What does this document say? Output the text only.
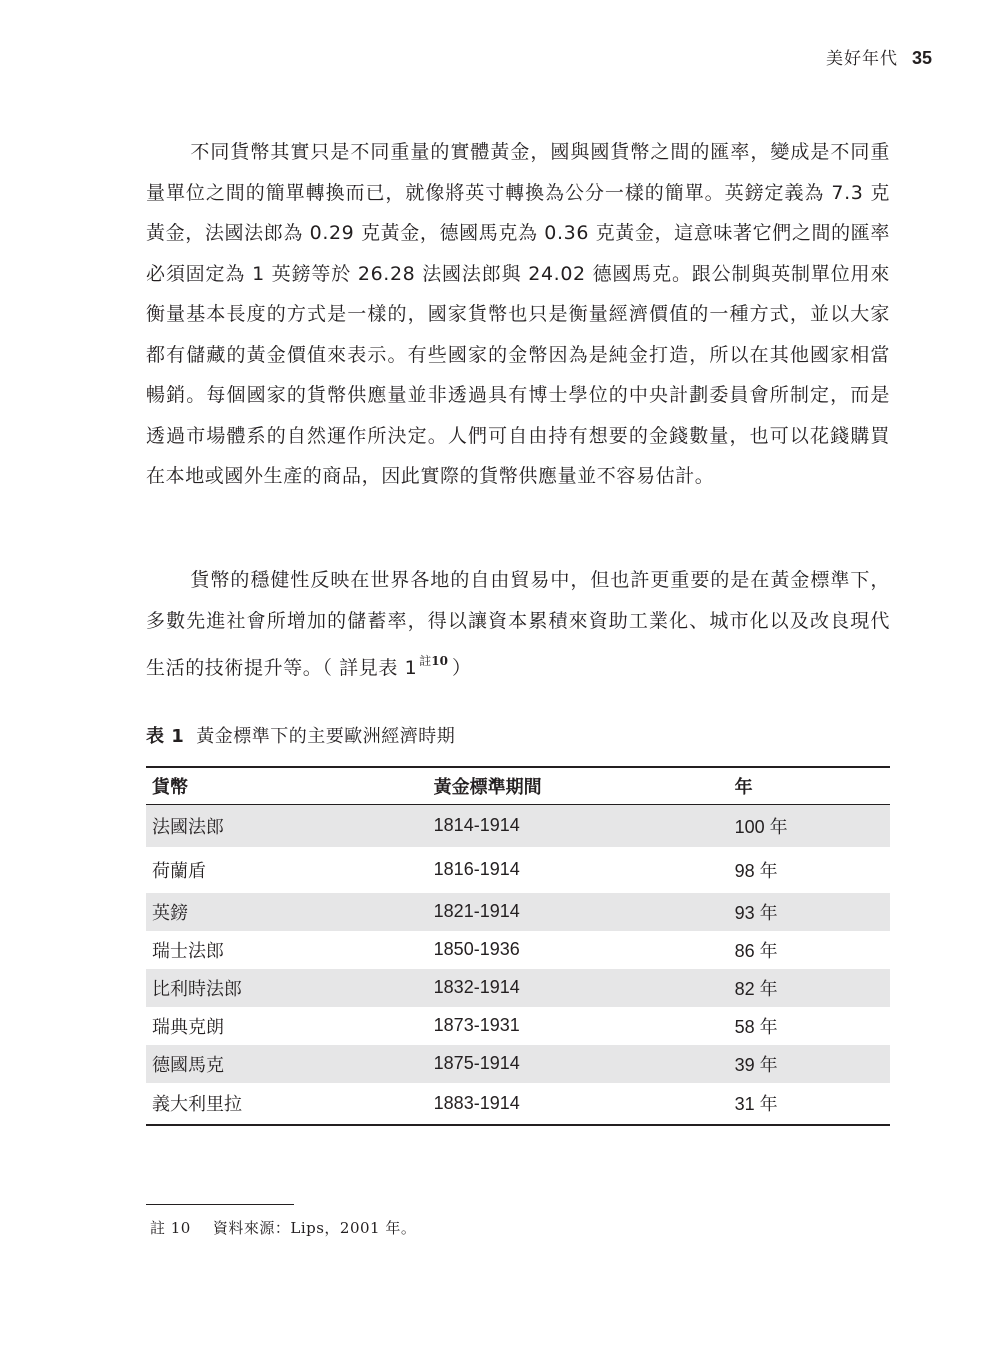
美好年代 35

不同貨幣其實只是不同重量的實體黃金，國與國貨幣之間的匯率，變成是不同重量單位之間的簡單轉換而已，就像將英寸轉換為公分一樣的簡單。英鎊定義為 7.3 克黃金，法國法郎為 0.29 克黃金，德國馬克為 0.36 克黃金，這意味著它們之間的匯率必須固定為 1 英鎊等於 26.28 法國法郎與 24.02 德國馬克。跟公制與英制單位用來衡量基本長度的方式是一樣的，國家貨幣也只是衡量經濟價值的一種方式，並以大家都有儲藏的黃金價值來表示。有些國家的金幣因為是純金打造，所以在其他國家相當暢銷。每個國家的貨幣供應量並非透過具有博士學位的中央計劃委員會所制定，而是透過市場體系的自然運作所決定。人們可自由持有想要的金錢數量，也可以花錢購買在本地或國外生產的商品，因此實際的貨幣供應量並不容易估計。

貨幣的穩健性反映在世界各地的自由貿易中，但也許更重要的是在黃金標準下，多數先進社會所增加的儲蓄率，得以讓資本累積來資助工業化、城市化以及改良現代生活的技術提升等。（ 詳見表 1 $^{註10}$ ）

表 1 黃金標準下的主要歐洲經濟時期
貨幣	黃金標準期間	年
法國法郎	1814-1914	100 年
荷蘭盾	1816-1914	98 年
英鎊	1821-1914	93 年
瑞士法郎	1850-1936	86 年
比利時法郎	1832-1914	82 年
瑞典克朗	1873-1931	58 年
德國馬克	1875-1914	39 年
義大利里拉	1883-1914	31 年
註 10 資料來源：Lips，2001 年。
